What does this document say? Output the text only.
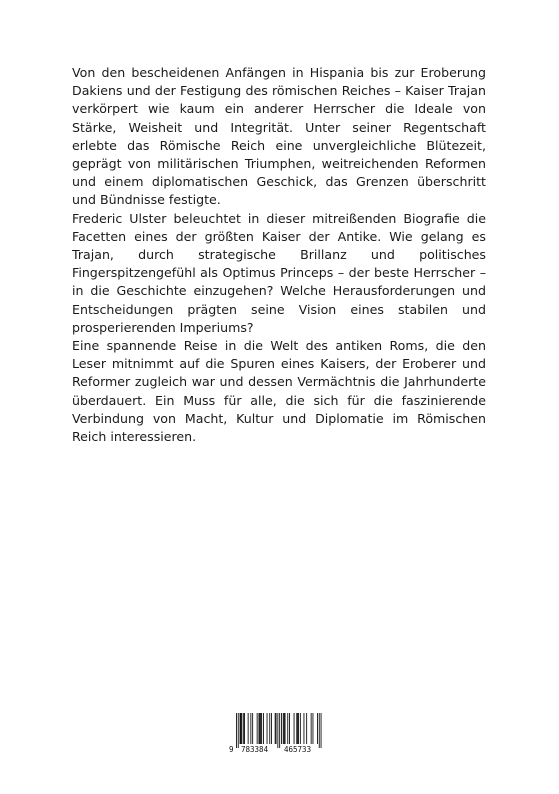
Von den bescheidenen Anfängen in Hispania bis zur Eroberung Dakiens und der Festigung des römischen Reiches – Kaiser Trajan verkörpert wie kaum ein anderer Herrscher die Ideale von Stärke, Weisheit und Integrität. Unter seiner Regentschaft erlebte das Römische Reich eine unvergleichliche Blütezeit, geprägt von militärischen Triumphen, weitreichenden Reformen und einem diplomatischen Geschick, das Grenzen überschritt und Bündnisse festigte.

Frederic Ulster beleuchtet in dieser mitreißenden Biografie die Facetten eines der größten Kaiser der Antike. Wie gelang es Trajan, durch strategische Brillanz und politisches Fingerspitzengefühl als Optimus Princeps – der beste Herrscher – in die Geschichte einzugehen? Welche Herausforderungen und Entscheidungen prägten seine Vision eines stabilen und prosperierenden Imperiums?

Eine spannende Reise in die Welt des antiken Roms, die den Leser mitnimmt auf die Spuren eines Kaisers, der Eroberer und Reformer zugleich war und dessen Vermächtnis die Jahrhunderte überdauert. Ein Muss für alle, die sich für die faszinierende Verbindung von Macht, Kultur und Diplomatie im Römischen Reich interessieren.

9 783384 465733
